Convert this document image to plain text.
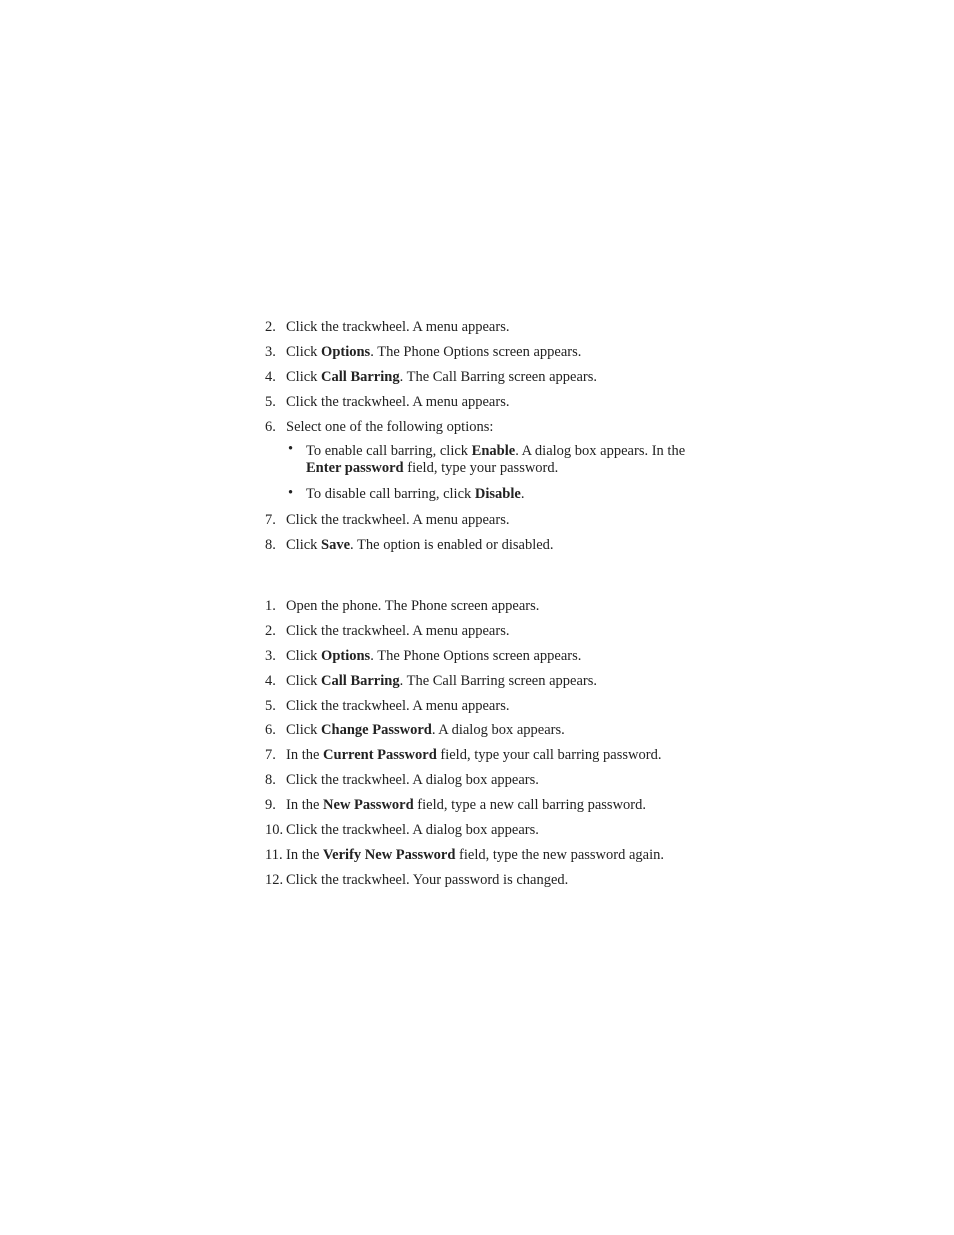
2. Click the trackwheel. A menu appears.
3. Click Options. The Phone Options screen appears.
4. Click Call Barring. The Call Barring screen appears.
5. Click the trackwheel. A menu appears.
6. Select one of the following options:
• To enable call barring, click Enable. A dialog box appears. In the Enter password field, type your password.
• To disable call barring, click Disable.
7. Click the trackwheel. A menu appears.
8. Click Save. The option is enabled or disabled.
1. Open the phone. The Phone screen appears.
2. Click the trackwheel. A menu appears.
3. Click Options. The Phone Options screen appears.
4. Click Call Barring. The Call Barring screen appears.
5. Click the trackwheel. A menu appears.
6. Click Change Password. A dialog box appears.
7. In the Current Password field, type your call barring password.
8. Click the trackwheel. A dialog box appears.
9. In the New Password field, type a new call barring password.
10. Click the trackwheel. A dialog box appears.
11. In the Verify New Password field, type the new password again.
12. Click the trackwheel. Your password is changed.
